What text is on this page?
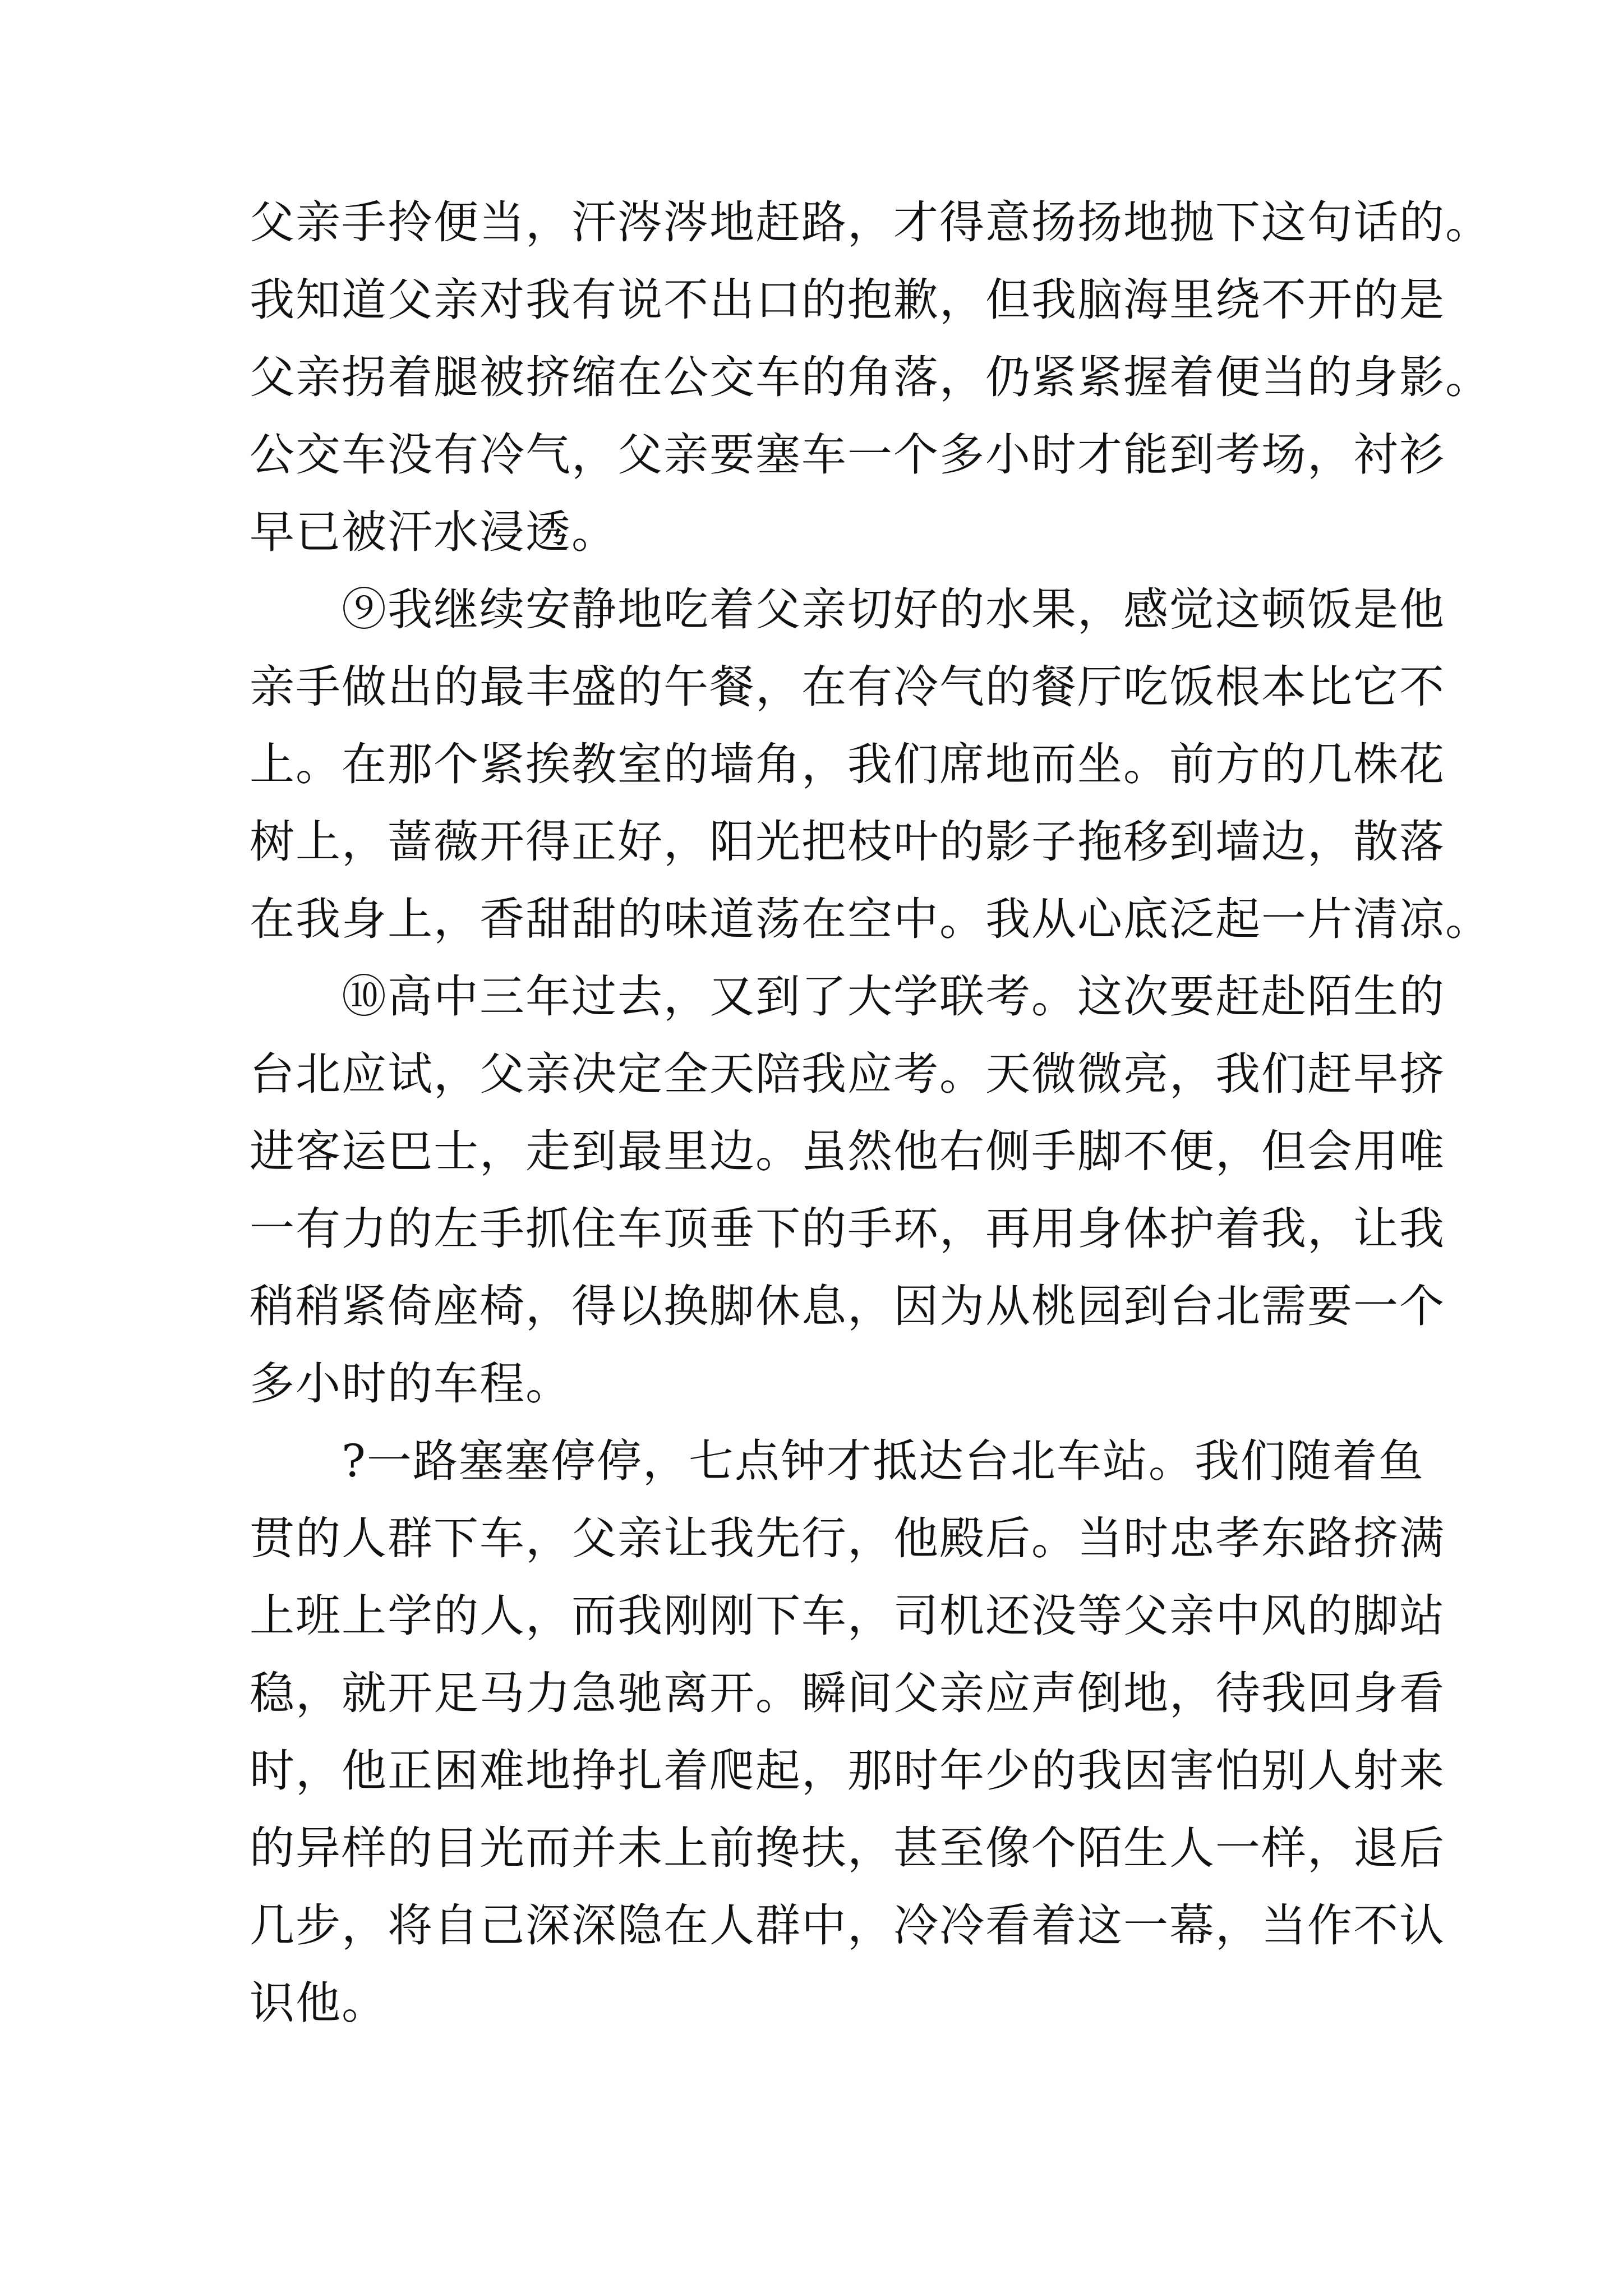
父亲手拎便当，汗涔涔地赶路，才得意扬扬地抛下这句话的。
我知道父亲对我有说不出口的抱歉，但我脑海里绕不开的是
父亲拐着腿被挤缩在公交车的角落，仍紧紧握着便当的身影。
公交车没有冷气，父亲要塞车一个多小时才能到考场，衬衫
早已被汗水浸透。
　　⑨我继续安静地吃着父亲切好的水果，感觉这顿饭是他
亲手做出的最丰盛的午餐，在有冷气的餐厅吃饭根本比它不
上。在那个紧挨教室的墙角，我们席地而坐。前方的几株花
树上，蔷薇开得正好，阳光把枝叶的影子拖移到墙边，散落
在我身上，香甜甜的味道荡在空中。我从心底泛起一片清凉。
　　⑩高中三年过去，又到了大学联考。这次要赶赴陌生的
台北应试，父亲决定全天陪我应考。天微微亮，我们赶早挤
进客运巴士，走到最里边。虽然他右侧手脚不便，但会用唯
一有力的左手抓住车顶垂下的手环，再用身体护着我，让我
稍稍紧倚座椅，得以换脚休息，因为从桃园到台北需要一个
多小时的车程。
　　?一路塞塞停停，七点钟才抵达台北车站。我们随着鱼
贯的人群下车，父亲让我先行，他殿后。当时忠孝东路挤满
上班上学的人，而我刚刚下车，司机还没等父亲中风的脚站
稳，就开足马力急驰离开。瞬间父亲应声倒地，待我回身看
时，他正困难地挣扎着爬起，那时年少的我因害怕别人射来
的异样的目光而并未上前搀扶，甚至像个陌生人一样，退后
几步，将自己深深隐在人群中，冷冷看着这一幕，当作不认
识他。
